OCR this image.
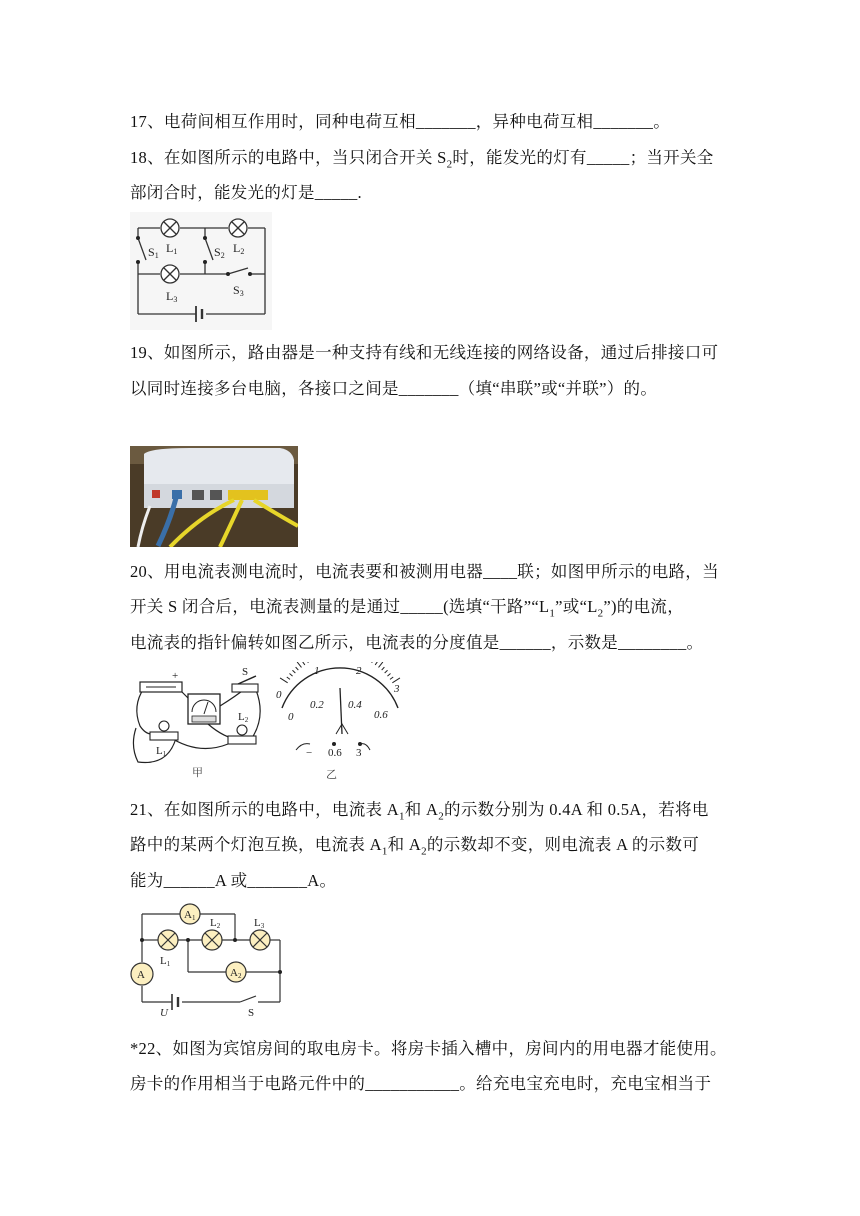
17、电荷间相互作用时，同种电荷互相_______，异种电荷互相_______。
18、在如图所示的电路中，当只闭合开关 $S_2$时，能发光的灯有_____；当开关全
部闭合时，能发光的灯是_____.
S1
L1	S2
L2
L3
S3
19、如图所示，路由器是一种支持有线和无线连接的网络设备，通过后排接口可
以同时连接多台电脑，各接口之间是_______（填“串联”或“并联”）的。
20、用电流表测电流时，电流表要和被测用电器____联；如图甲所示的电路，当
开关 S 闭合后，电流表测量的是通过_____(选填“干路$”“L_1$”或“$L_2$”)的电流，
电流表的指针偏转如图乙所示，电流表的分度值是______，示数是________。
+	S
L2
L1
甲
0
1	2
3
0
0.2 0.4
0.6
− 0.6 3
乙
21、在如图所示的电路中，电流表 $A_1$和 $A_2$的示数分别为 0.4A 和 0.5A，若将电
路中的某两个灯泡互换，电流表 $A_1$和 $A_2$的示数却不变，则电流表 A 的示数可
能为______A 或_______A。
A1
A2
A
L1
L2	L3
U	S
*22、如图为宾馆房间的取电房卡。将房卡插入槽中，房间内的用电器才能使用。
房卡的作用相当于电路元件中的___________。给充电宝充电时，充电宝相当于
